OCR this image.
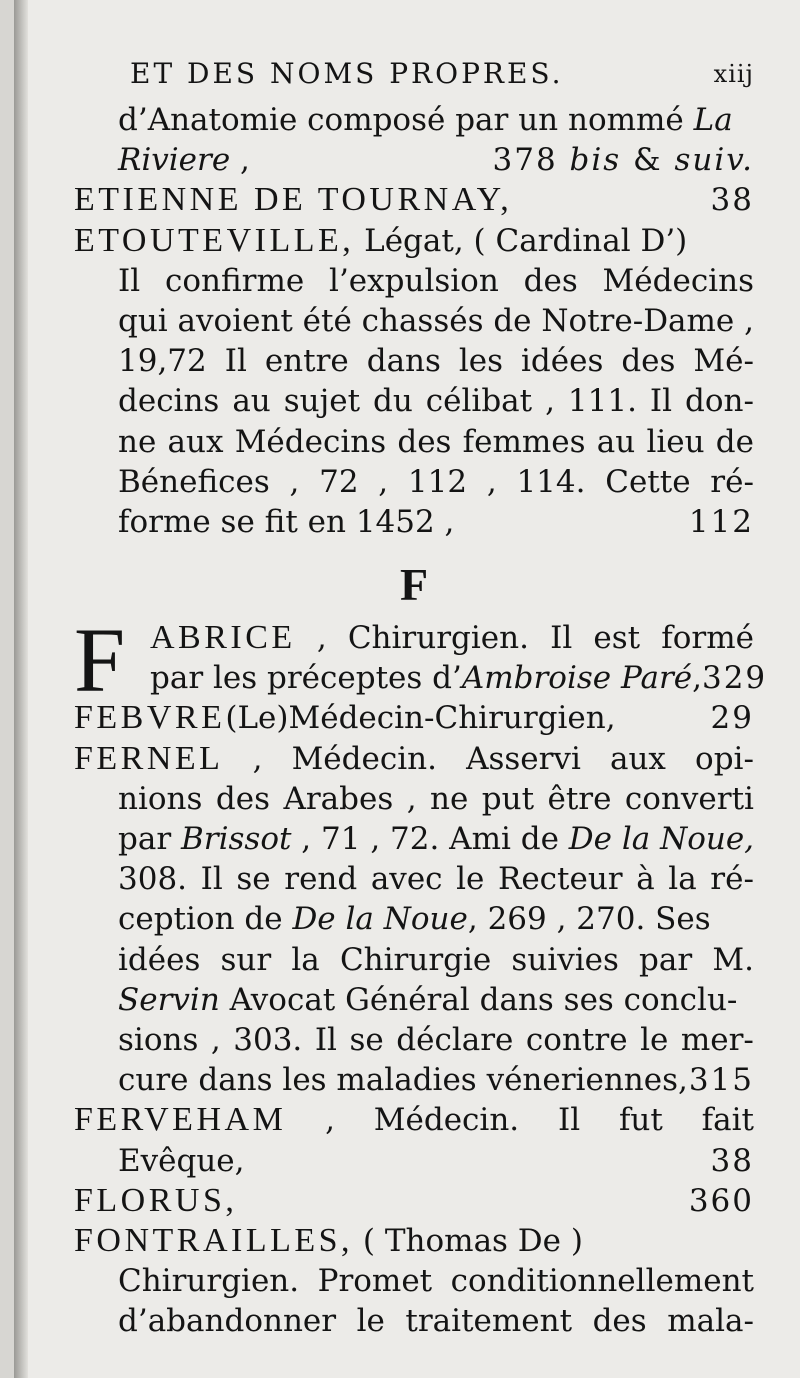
ET DES NOMS PROPRES.	xiij
d’Anatomie composé par un nommé La
Riviere ,	378 bis & suiv.
ETIENNE DE TOURNAY,	38
ETOUTEVILLE, Légat, ( Cardinal D’)
Il confirme l’expulsion des Médecins
qui avoient été chassés de Notre-Dame ,
19,72 Il entre dans les idées des Mé-
decins au sujet du célibat , 111. Il don-
ne aux Médecins des femmes au lieu de
Bénefices , 72 , 112 , 114. Cette ré-
forme se fit en 1452 ,	112
F
F ABRICE , Chirurgien. Il est formé
par les préceptes d’Ambroise Paré, 329
FEBVRE(Le)Médecin-Chirurgien,	29
FERNEL , Médecin. Asservi aux opi-
nions des Arabes , ne put être converti
par Brissot , 71 , 72. Ami de De la Noue,
308. Il se rend avec le Recteur à la ré-
ception de De la Noue, 269 , 270. Ses
idées sur la Chirurgie suivies par M.
Servin Avocat Général dans ses conclu-
sions , 303. Il se déclare contre le mer-
cure dans les maladies véneriennes, 315
FERVEHAM , Médecin. Il fut fait
Evêque,	38
FLORUS,	360
FONTRAILLES, ( Thomas De )
Chirurgien. Promet conditionnellement
d’abandonner le traitement des mala-
